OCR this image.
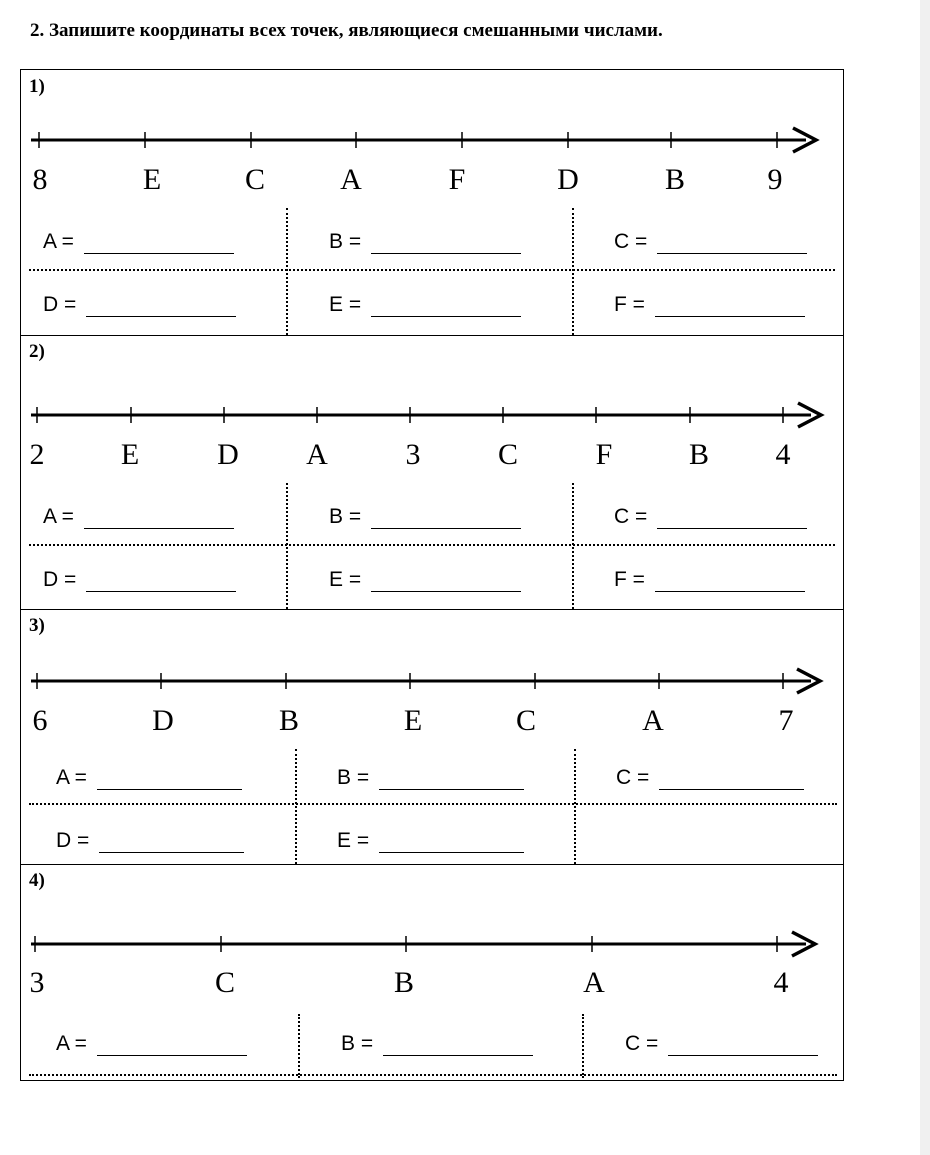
2. Запишите координаты всех точек, являющиеся смешанными числами.
1)
8	E	C	A	F	D	B	9
A =	B =	C =
D =	E =	F =
2)
2	E	D A	3	C	F	B 4
A =	B =	C =
D =	E =	F =
3)
6	D	B	E	C	A	7
A =	B =	C =
D =	E =
4)
3	C	B	A	4
A =	B =	C =
